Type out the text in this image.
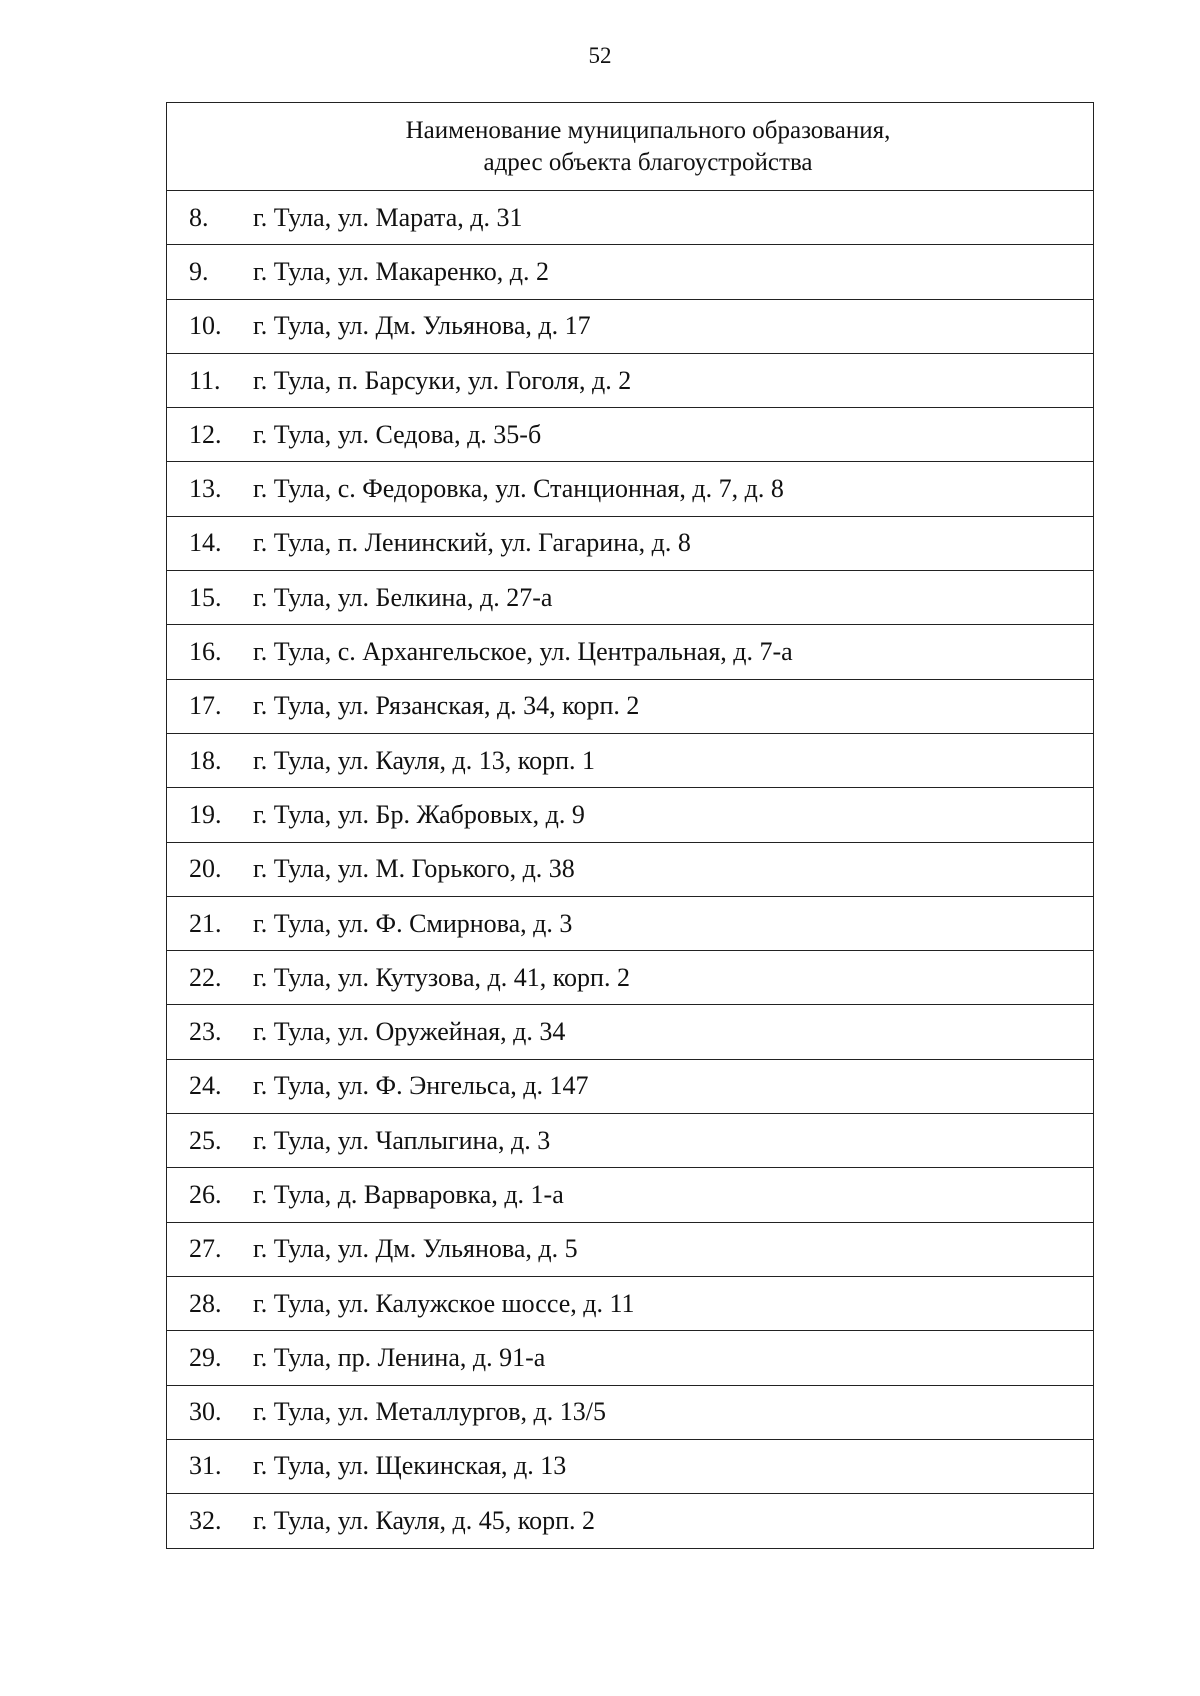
52
Наименование муниципального образования,
адрес объекта благоустройства
8.	г. Тула, ул. Марата, д. 31
9.	г. Тула, ул. Макаренко, д. 2
10.	г. Тула, ул. Дм. Ульянова, д. 17
11.	г. Тула, п. Барсуки, ул. Гоголя, д. 2
12.	г. Тула, ул. Седова, д. 35-б
13.	г. Тула, с. Федоровка, ул. Станционная, д. 7, д. 8
14.	г. Тула, п. Ленинский, ул. Гагарина, д. 8
15.	г. Тула, ул. Белкина, д. 27-а
16.	г. Тула, с. Архангельское, ул. Центральная, д. 7-а
17.	г. Тула, ул. Рязанская, д. 34, корп. 2
18.	г. Тула, ул. Кауля, д. 13, корп. 1
19.	г. Тула, ул. Бр. Жабровых, д. 9
20.	г. Тула, ул. М. Горького, д. 38
21.	г. Тула, ул. Ф. Смирнова, д. 3
22.	г. Тула, ул. Кутузова, д. 41, корп. 2
23.	г. Тула, ул. Оружейная, д. 34
24.	г. Тула, ул. Ф. Энгельса, д. 147
25.	г. Тула, ул. Чаплыгина, д. 3
26.	г. Тула, д. Варваровка, д. 1-а
27.	г. Тула, ул. Дм. Ульянова, д. 5
28.	г. Тула, ул. Калужское шоссе, д. 11
29.	г. Тула, пр. Ленина, д. 91-а
30.	г. Тула, ул. Металлургов, д. 13/5
31.	г. Тула, ул. Щекинская, д. 13
32.	г. Тула, ул. Кауля, д. 45, корп. 2
